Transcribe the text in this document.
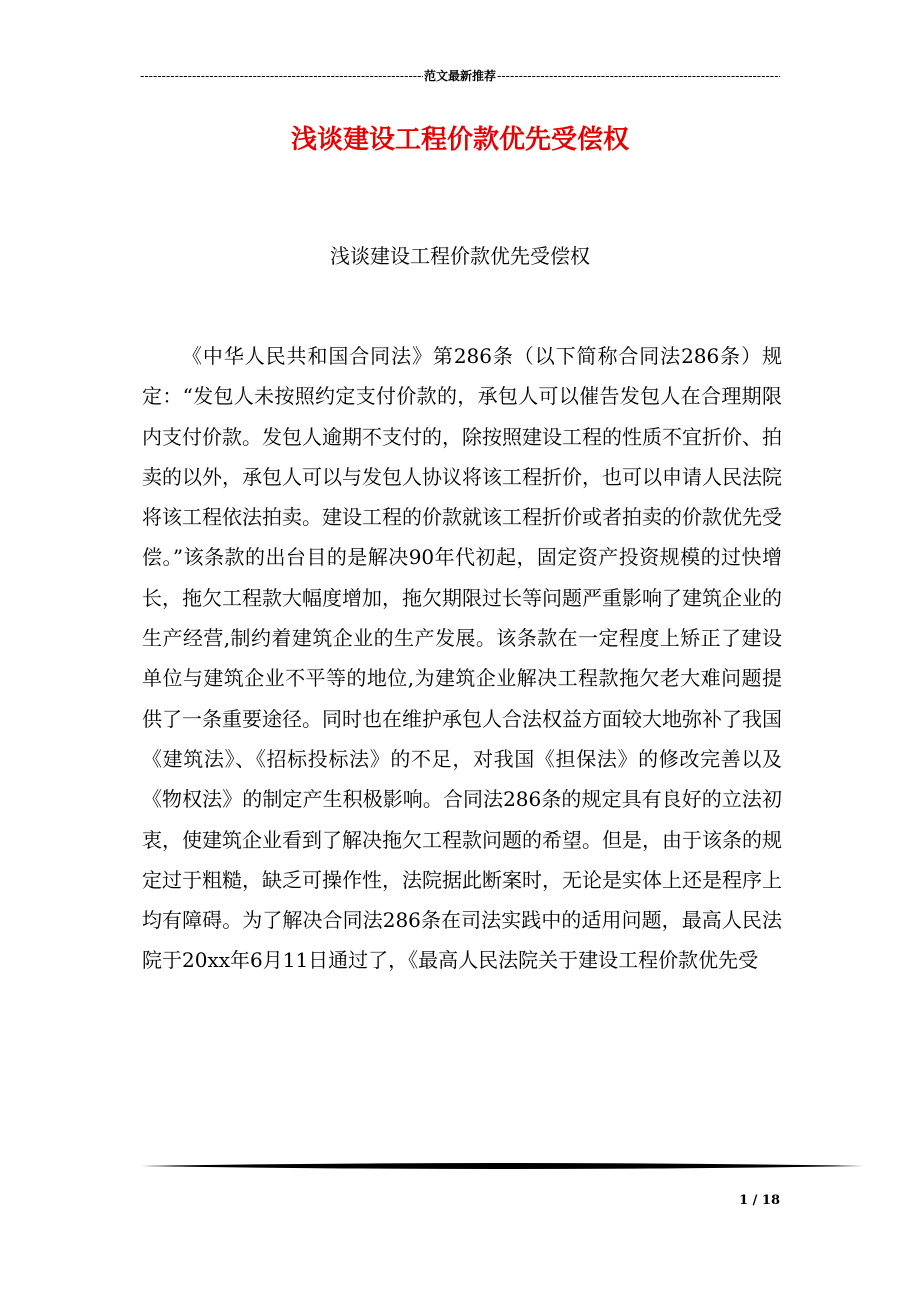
-----
范文最新推荐
-----
浅谈建设工程价款优先受偿权
浅谈建设工程价款优先受偿权

《中华人民共和国合同法》第286条（以下简称合同法286条）规定：“发包人未按照约定支付价款的，承包人可以催告发包人在合理期限内支付价款。发包人逾期不支付的，除按照建设工程的性质不宜折价、拍卖的以外，承包人可以与发包人协议将该工程折价，也可以申请人民法院将该工程依法拍卖。建设工程的价款就该工程折价或者拍卖的价款优先受偿。”该条款的出台目的是解决90年代初起，固定资产投资规模的过快增长，拖欠工程款大幅度增加，拖欠期限过长等问题严重影响了建筑企业的生产经营,制约着建筑企业的生产发展。该条款在一定程度上矫正了建设单位与建筑企业不平等的地位,为建筑企业解决工程款拖欠老大难问题提供了一条重要途径。同时也在维护承包人合法权益方面较大地弥补了我国《建筑法》、《招标投标法》的不足，对我国《担保法》的修改完善以及《物权法》的制定产生积极影响。合同法286条的规定具有良好的立法初衷，使建筑企业看到了解决拖欠工程款问题的希望。但是，由于该条的规定过于粗糙，缺乏可操作性，法院据此断案时，无论是实体上还是程序上均有障碍。为了解决合同法286条在司法实践中的适用问题，最高人民法院于20xx年6月11日通过了，《最高人民法院关于建设工程价款优先受

1 / 18
